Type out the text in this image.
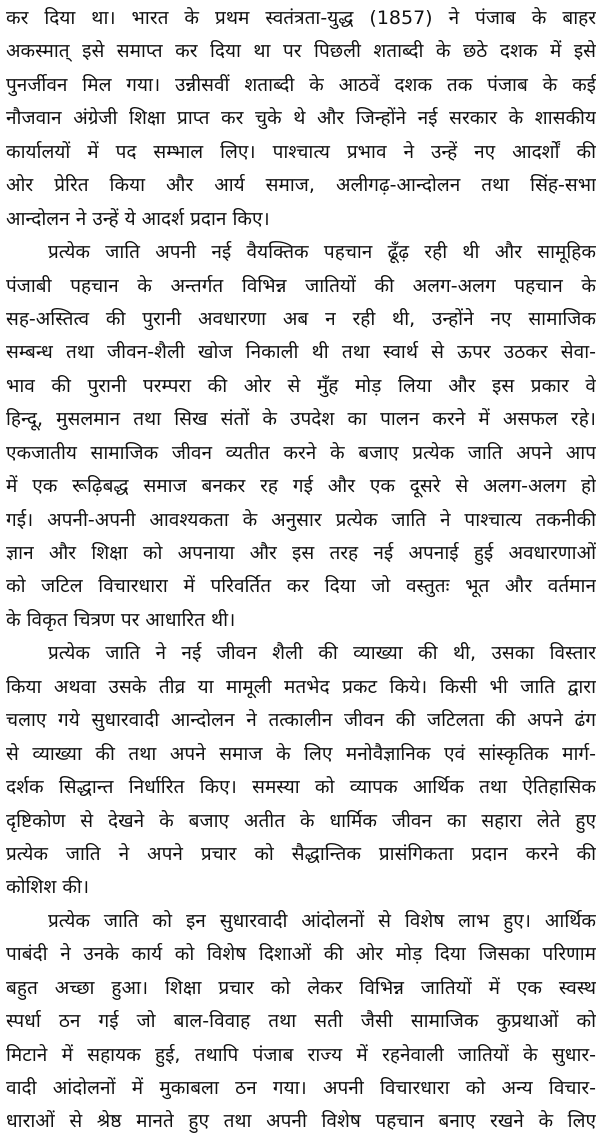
कर दिया था। भारत के प्रथम स्वतंत्रता-युद्ध (1857) ने पंजाब के बाहर
अकस्मात् इसे समाप्त कर दिया था पर पिछली शताब्दी के छठे दशक में इसे
पुनर्जीवन मिल गया। उन्नीसवीं शताब्दी के आठवें दशक तक पंजाब के कई
नौजवान अंग्रेजी शिक्षा प्राप्त कर चुके थे और जिन्होंने नई सरकार के शासकीय
कार्यालयों में पद सम्भाल लिए। पाश्चात्य प्रभाव ने उन्हें नए आदर्शों की
ओर प्रेरित किया और आर्य समाज, अलीगढ़-आन्दोलन तथा सिंह-सभा
आन्दोलन ने उन्हें ये आदर्श प्रदान किए।
प्रत्येक जाति अपनी नई वैयक्तिक पहचान ढूँढ़ रही थी और सामूहिक
पंजाबी पहचान के अन्तर्गत विभिन्न जातियों की अलग-अलग पहचान के
सह-अस्तित्व की पुरानी अवधारणा अब न रही थी, उन्होंने नए सामाजिक
सम्बन्ध तथा जीवन-शैली खोज निकाली थी तथा स्वार्थ से ऊपर उठकर सेवा-
भाव की पुरानी परम्परा की ओर से मुँह मोड़ लिया और इस प्रकार वे
हिन्दू, मुसलमान तथा सिख संतों के उपदेश का पालन करने में असफल रहे।
एकजातीय सामाजिक जीवन व्यतीत करने के बजाए प्रत्येक जाति अपने आप
में एक रूढ़िबद्ध समाज बनकर रह गई और एक दूसरे से अलग-अलग हो
गई। अपनी-अपनी आवश्यकता के अनुसार प्रत्येक जाति ने पाश्चात्य तकनीकी
ज्ञान और शिक्षा को अपनाया और इस तरह नई अपनाई हुई अवधारणाओं
को जटिल विचारधारा में परिवर्तित कर दिया जो वस्तुतः भूत और वर्तमान
के विकृत चित्रण पर आधारित थी।
प्रत्येक जाति ने नई जीवन शैली की व्याख्या की थी, उसका विस्तार
किया अथवा उसके तीव्र या मामूली मतभेद प्रकट किये। किसी भी जाति द्वारा
चलाए गये सुधारवादी आन्दोलन ने तत्कालीन जीवन की जटिलता की अपने ढंग
से व्याख्या की तथा अपने समाज के लिए मनोवैज्ञानिक एवं सांस्कृतिक मार्ग-
दर्शक सिद्धान्त निर्धारित किए। समस्या को व्यापक आर्थिक तथा ऐतिहासिक
दृष्टिकोण से देखने के बजाए अतीत के धार्मिक जीवन का सहारा लेते हुए
प्रत्येक जाति ने अपने प्रचार को सैद्धान्तिक प्रासंगिकता प्रदान करने की
कोशिश की।
प्रत्येक जाति को इन सुधारवादी आंदोलनों से विशेष लाभ हुए। आर्थिक
पाबंदी ने उनके कार्य को विशेष दिशाओं की ओर मोड़ दिया जिसका परिणाम
बहुत अच्छा हुआ। शिक्षा प्रचार को लेकर विभिन्न जातियों में एक स्वस्थ
स्पर्धा ठन गई जो बाल-विवाह तथा सती जैसी सामाजिक कुप्रथाओं को
मिटाने में सहायक हुई, तथापि पंजाब राज्य में रहनेवाली जातियों के सुधार-
वादी आंदोलनों में मुकाबला ठन गया। अपनी विचारधारा को अन्य विचार-
धाराओं से श्रेष्ठ मानते हुए तथा अपनी विशेष पहचान बनाए रखने के लिए
